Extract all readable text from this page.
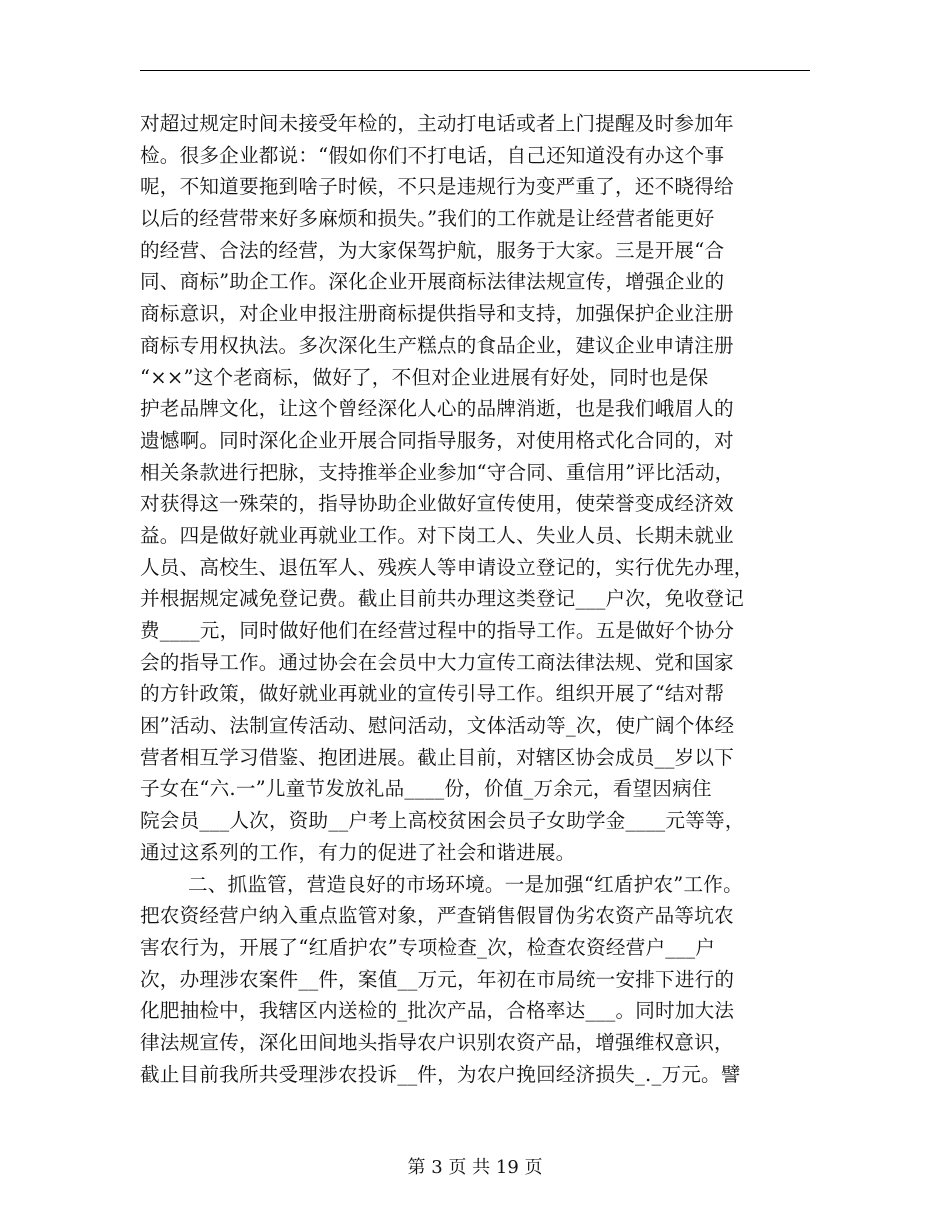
对超过规定时间未接受年检的，主动打电话或者上门提醒及时参加年
检。很多企业都说：“假如你们不打电话，自己还知道没有办这个事
呢，不知道要拖到啥子时候，不只是违规行为变严重了，还不晓得给
以后的经营带来好多麻烦和损失。”我们的工作就是让经营者能更好
的经营、合法的经营，为大家保驾护航，服务于大家。三是开展“合
同、商标”助企工作。深化企业开展商标法律法规宣传，增强企业的
商标意识，对企业申报注册商标提供指导和支持，加强保护企业注册
商标专用权执法。多次深化生产糕点的食品企业，建议企业申请注册
“××”这个老商标，做好了，不但对企业进展有好处，同时也是保
护老品牌文化，让这个曾经深化人心的品牌消逝，也是我们峨眉人的
遗憾啊。同时深化企业开展合同指导服务，对使用格式化合同的，对
相关条款进行把脉，支持推举企业参加“守合同、重信用”评比活动，
对获得这一殊荣的，指导协助企业做好宣传使用，使荣誉变成经济效
益。四是做好就业再就业工作。对下岗工人、失业人员、长期未就业
人员、高校生、退伍军人、残疾人等申请设立登记的，实行优先办理，
并根据规定减免登记费。截止目前共办理这类登记___户次，免收登记
费____元，同时做好他们在经营过程中的指导工作。五是做好个协分
会的指导工作。通过协会在会员中大力宣传工商法律法规、党和国家
的方针政策，做好就业再就业的宣传引导工作。组织开展了“结对帮
困”活动、法制宣传活动、慰问活动，文体活动等_次，使广阔个体经
营者相互学习借鉴、抱团进展。截止目前，对辖区协会成员__岁以下
子女在“六.一”儿童节发放礼品____份，价值_万余元，看望因病住
院会员___人次，资助__户考上高校贫困会员子女助学金____元等等，
通过这系列的工作，有力的促进了社会和谐进展。
二、抓监管，营造良好的市场环境。一是加强“红盾护农”工作。
把农资经营户纳入重点监管对象，严查销售假冒伪劣农资产品等坑农
害农行为，开展了“红盾护农”专项检查_次，检查农资经营户___户
次，办理涉农案件__件，案值__万元，年初在市局统一安排下进行的
化肥抽检中，我辖区内送检的_批次产品，合格率达___。同时加大法
律法规宣传，深化田间地头指导农户识别农资产品，增强维权意识，
截止目前我所共受理涉农投诉__件，为农户挽回经济损失_._万元。譬
第 3 页 共 19 页
